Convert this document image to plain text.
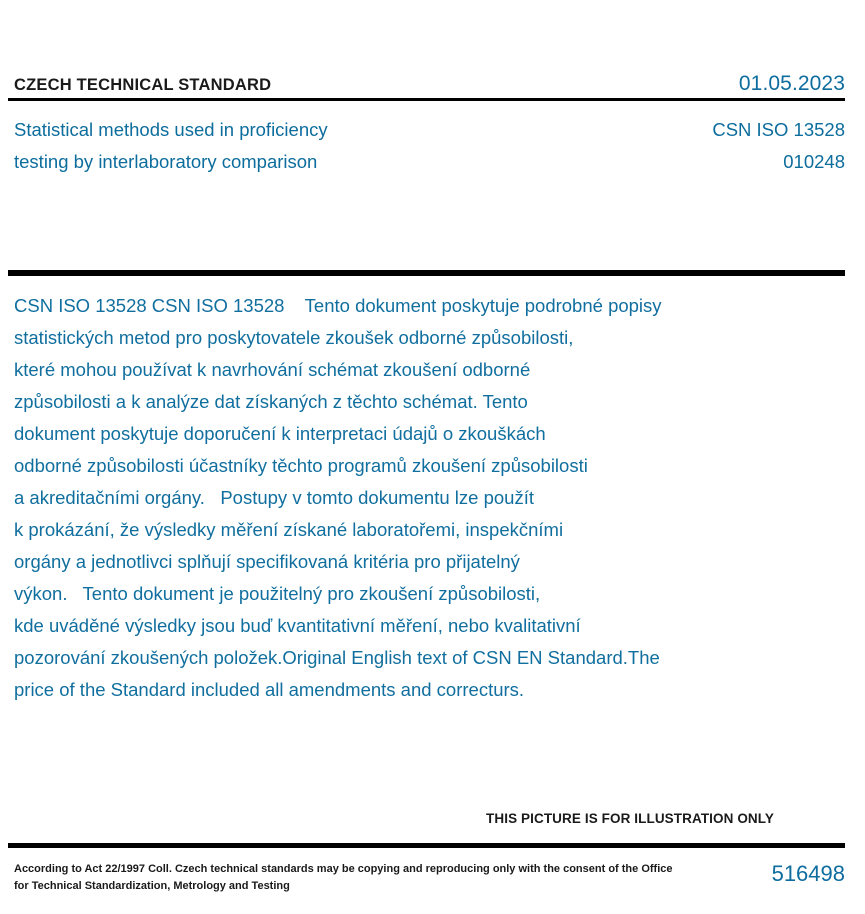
CZECH TECHNICAL STANDARD	01.05.2023
Statistical methods used in proficiency
testing by interlaboratory comparison
CSN ISO 13528
010248
CSN ISO 13528 CSN ISO 13528    Tento dokument poskytuje podrobné popisy
statistických metod pro poskytovatele zkoušek odborné způsobilosti,
které mohou používat k navrhování schémat zkoušení odborné
způsobilosti a k analýze dat získaných z těchto schémat. Tento
dokument poskytuje doporučení k interpretaci údajů o zkouškách
odborné způsobilosti účastníky těchto programů zkoušení způsobilosti
a akreditačními orgány.   Postupy v tomto dokumentu lze použít
k prokázání, že výsledky měření získané laboratořemi, inspekčními
orgány a jednotlivci splňují specifikovaná kritéria pro přijatelný
výkon.   Tento dokument je použitelný pro zkoušení způsobilosti,
kde uváděné výsledky jsou buď kvantitativní měření, nebo kvalitativní
pozorování zkoušených položek.Original English text of CSN EN Standard.The
price of the Standard included all amendments and correcturs.
THIS PICTURE IS FOR ILLUSTRATION ONLY
According to Act 22/1997 Coll. Czech technical standards may be copying and reproducing only with the consent of the Office
for Technical Standardization, Metrology and Testing	516498
